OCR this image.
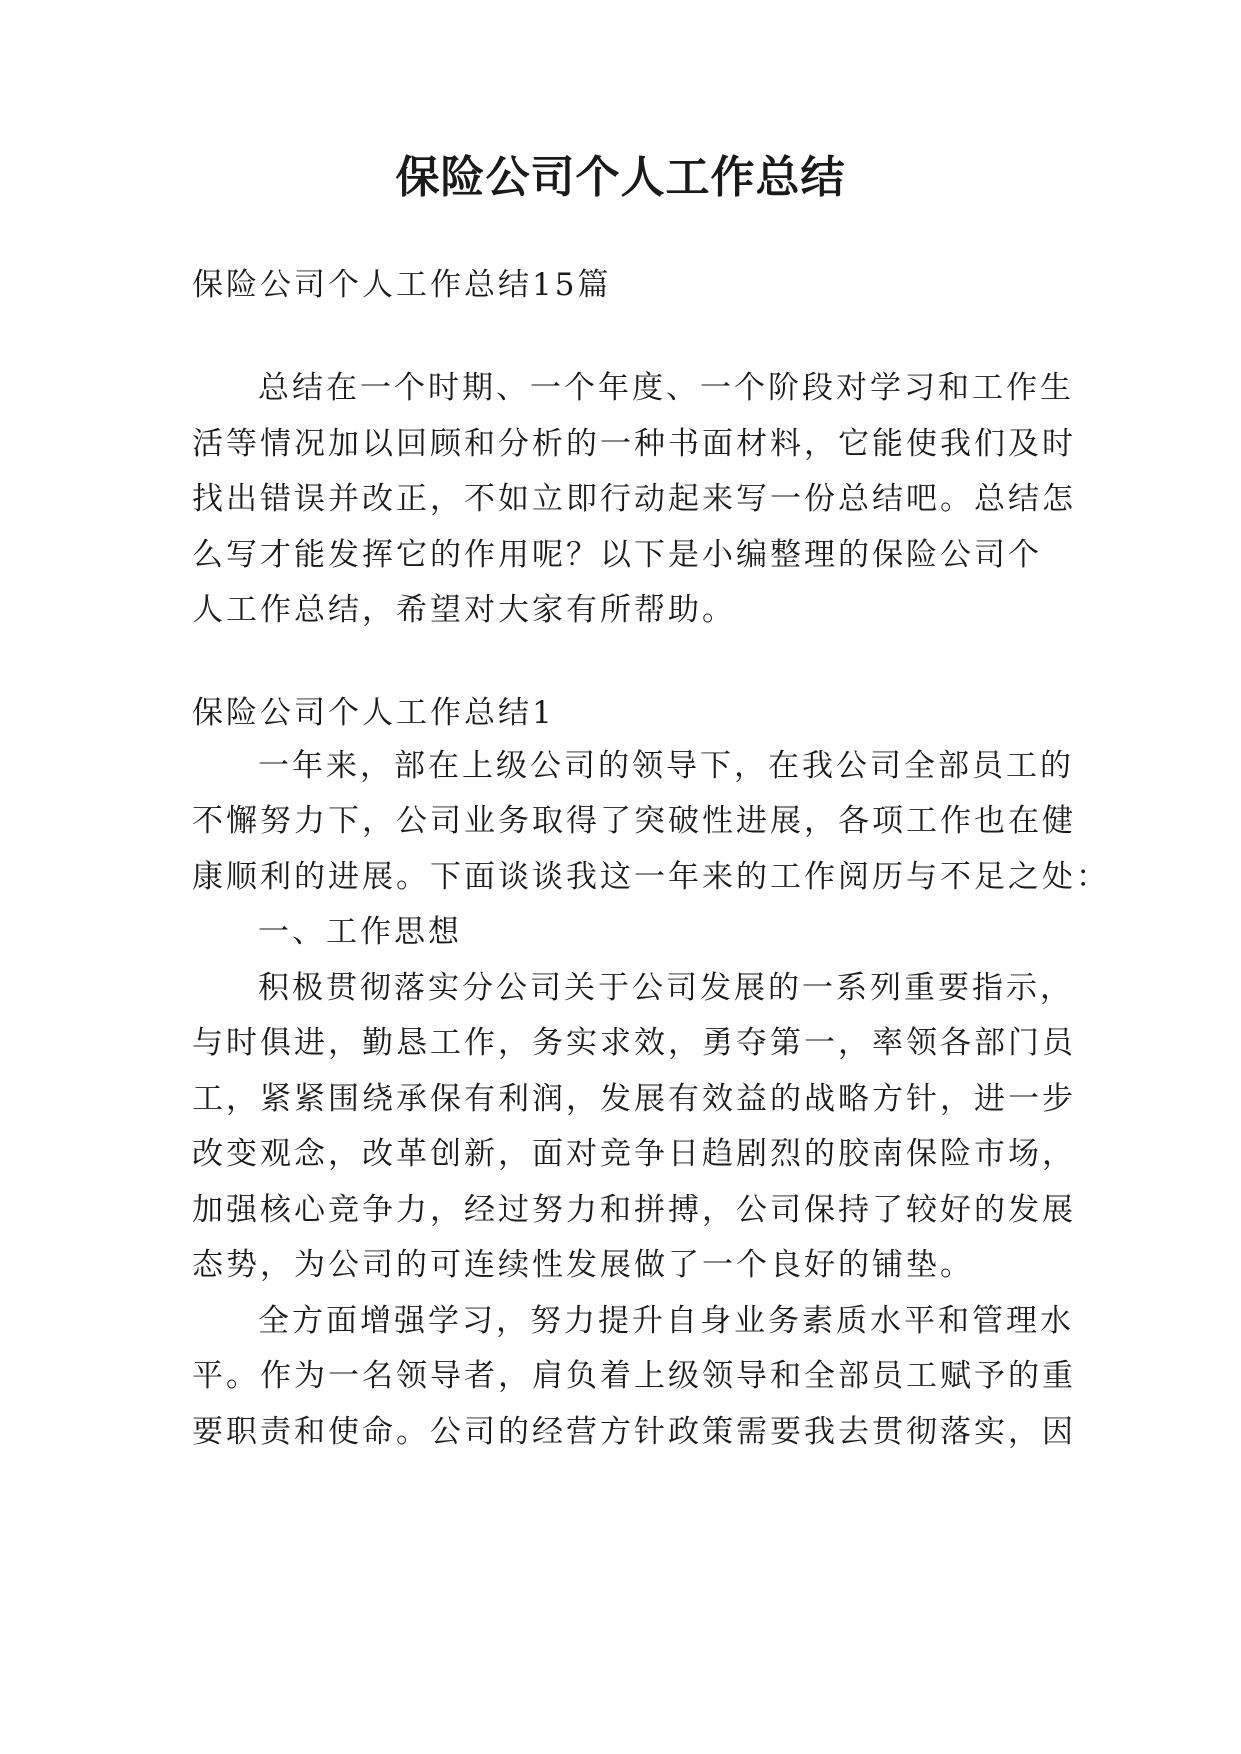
保险公司个人工作总结

保险公司个人工作总结15篇

总结在一个时期、一个年度、一个阶段对学习和工作生

活等情况加以回顾和分析的一种书面材料，它能使我们及时

找出错误并改正，不如立即行动起来写一份总结吧。总结怎

么写才能发挥它的作用呢？以下是小编整理的保险公司个

人工作总结，希望对大家有所帮助。

保险公司个人工作总结1

一年来，部在上级公司的领导下，在我公司全部员工的

不懈努力下，公司业务取得了突破性进展，各项工作也在健

康顺利的进展。下面谈谈我这一年来的工作阅历与不足之处：

一、工作思想

积极贯彻落实分公司关于公司发展的一系列重要指示，

与时俱进，勤恳工作，务实求效，勇夺第一，率领各部门员

工，紧紧围绕承保有利润，发展有效益的战略方针，进一步

改变观念，改革创新，面对竞争日趋剧烈的胶南保险市场，

加强核心竞争力，经过努力和拼搏，公司保持了较好的发展

态势，为公司的可连续性发展做了一个良好的铺垫。

全方面增强学习，努力提升自身业务素质水平和管理水

平。作为一名领导者，肩负着上级领导和全部员工赋予的重

要职责和使命。公司的经营方针政策需要我去贯彻落实，因
